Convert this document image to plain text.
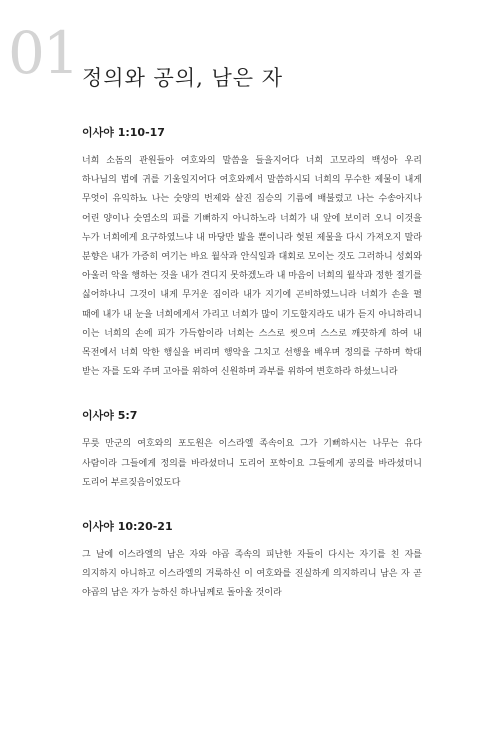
01 정의와 공의, 남은 자

이사야 1:10-17

너희 소돔의 관원들아 여호와의 말씀을 들을지어다 너희 고모라의 백성아 우리 하나님의 법에 귀를 기울일지어다 여호와께서 말씀하시되 너희의 무수한 제물이 내게 무엇이 유익하뇨 나는 숫양의 번제와 살진 짐승의 기름에 배불렀고 나는 수송아지나 어린 양이나 숫염소의 피를 기뻐하지 아니하노라 너희가 내 앞에 보이러 오니 이것을 누가 너희에게 요구하였느냐 내 마당만 밟을 뿐이니라 헛된 제물을 다시 가져오지 말라 분향은 내가 가증히 여기는 바요 월삭과 안식일과 대회로 모이는 것도 그러하니 성회와 아울러 악을 행하는 것을 내가 견디지 못하겠노라 내 마음이 너희의 월삭과 정한 절기를 싫어하나니 그것이 내게 무거운 짐이라 내가 지기에 곤비하였느니라 너희가 손을 펼 때에 내가 내 눈을 너희에게서 가리고 너희가 많이 기도할지라도 내가 듣지 아니하리니 이는 너희의 손에 피가 가득함이라 너희는 스스로 씻으며 스스로 깨끗하게 하여 내 목전에서 너희 악한 행실을 버리며 행악을 그치고 선행을 배우며 정의를 구하며 학대 받는 자를 도와 주며 고아를 위하여 신원하며 과부를 위하여 변호하라 하셨느니라

이사야 5:7

무릇 만군의 여호와의 포도원은 이스라엘 족속이요 그가 기뻐하시는 나무는 유다 사람이라 그들에게 정의를 바라셨더니 도리어 포학이요 그들에게 공의를 바라셨더니 도리어 부르짖음이었도다

이사야 10:20-21

그 날에 이스라엘의 남은 자와 야곱 족속의 피난한 자들이 다시는 자기를 친 자를 의지하지 아니하고 이스라엘의 거룩하신 이 여호와를 진실하게 의지하리니 남은 자 곧 야곱의 남은 자가 능하신 하나님께로 돌아올 것이라
